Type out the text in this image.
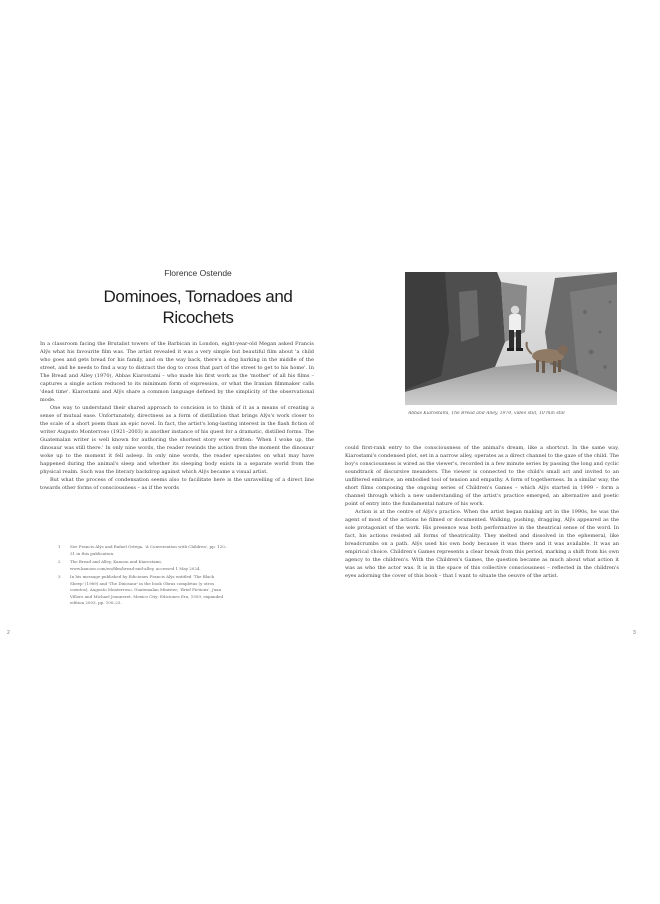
Florence Ostende
Dominoes, Tornadoes and Ricochets

In a classroom facing the Brutalist towers of the Barbican in London, eight-year-old Megan asked Francis Alÿs what his favourite film was. The artist revealed it was a very simple but beautiful film about 'a child who goes and gets bread for his family, and on the way back, there's a dog barking in the middle of the street, and he needs to find a way to distract the dog to cross that part of the street to get to his home'. In The Bread and Alley (1970), Abbas Kiarostami – who made his first work as the 'mother' of all his films – captures a single action reduced to its minimum form of expression, or what the Iranian filmmaker calls 'dead time'. Kiarostami and Alÿs share a common language defined by the simplicity of the observational mode.

One way to understand their shared approach to concision is to think of it as a means of creating a sense of mutual ease. Unfortunately, directness as a form of distillation that brings Alÿs's work closer to the scale of a short poem than an epic novel. In fact, the artist's long-lasting interest in the flash fiction of writer Augusto Monterroso (1921–2003) is another instance of his quest for a dramatic, distilled forms. The Guatemalan writer is well known for authoring the shortest story ever written: 'When I woke up, the dinosaur was still there.' In only nine words, the reader rewinds the action from the moment the dinosaur woke up to the moment it fell asleep. In only nine words, the reader speculates on what may have happened during the animal's sleep and whether its sleeping body exists in a separate world from the physical realm. Such was the literary backdrop against which Alÿs became a visual artist.

But what the process of condensation seems also to facilitate here is the unravelling of a direct line towards other forms of consciousness – as if the words

1	See Francis Alÿs and Rafael Ortega, 'A Conversation with Children', pp. 120–31 in this publication.
2	The Bread and Alley, Kanoon and Kiarostami, www.kanoon.com/en/film/bread-and-alley, accessed 1 May 2024.
3	In his message published by Ediciones Francis Alÿs entitled 'The Black Sheep' (1969) and 'The Dinosaur' in the book Obras completas (y otros cuentos), Augusto Monterroso, Guatemalan Minister; 'Brief Fictions', Juan Villoro and Michael Jeanneret, Mexico City: Ediciones Era, 1959, expanded edition 2003, pp. 100–23.
Abbas Kiarostami, The Bread and Alley, 1970, video still, 10 min still

could first-rank entry to the consciousness of the animal's dream, like a shortcut. In the same way, Kiarostami's condensed plot, set in a narrow alley, operates as a direct channel to the gaze of the child. The boy's consciousness is wired as the viewer's, recorded in a few minute series by passing the long and cyclic soundtrack of discursive meanders. The viewer is connected to the child's small act and invited to an unfiltered embrace, an embodied tool of tension and empathy. A form of togetherness. In a similar way, the short films composing the ongoing series of Children's Games – which Alÿs started in 1999 – form a channel through which a new understanding of the artist's practice emerged, an alternative and poetic point of entry into the fundamental nature of his work.

Action is at the centre of Alÿs's practice. When the artist began making art in the 1990s, he was the agent of most of the actions he filmed or documented. Walking, pushing, dragging, Alÿs appeared as the sole protagonist of the work. His presence was both performative in the theatrical sense of the word. In fact, his actions resisted all forms of theatricality. They melted and dissolved in the ephemeral, like breadcrumbs on a path. Alÿs used his own body because it was there and it was available. It was an empirical choice. Children's Games represents a clear break from this period, marking a shift from his own agency to the children's. With the Children's Games, the question became as much about what action it was as who the actor was. It is in the space of this collective consciousness – reflected in the children's eyes adorning the cover of this book – that I want to situate the oeuvre of the artist.

2	3
